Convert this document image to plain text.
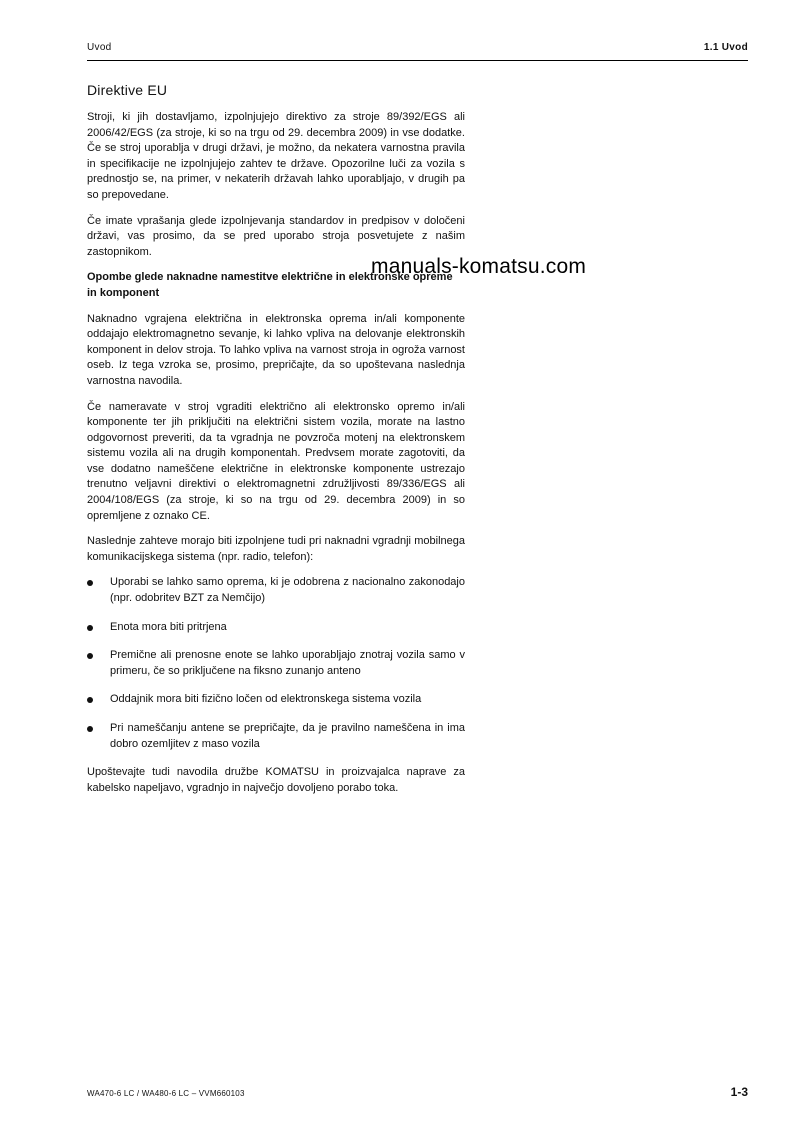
Uvod	1.1 Uvod
Direktive EU

Stroji, ki jih dostavljamo, izpolnjujejo direktivo za stroje 89/392/EGS ali 2006/42/EGS (za stroje, ki so na trgu od 29. decembra 2009) in vse dodatke. Če se stroj uporablja v drugi državi, je možno, da nekatera varnostna pravila in specifikacije ne izpolnjujejo zahtev te države. Opozorilne luči za vozila s prednostjo se, na primer, v nekaterih državah lahko uporabljajo, v drugih pa so prepovedane.

Če imate vprašanja glede izpolnjevanja standardov in predpisov v določeni državi, vas prosimo, da se pred uporabo stroja posvetujete z našim zastopnikom.

Opombe glede naknadne namestitve električne in elektronske opreme in komponent

Naknadno vgrajena električna in elektronska oprema in/ali komponente oddajajo elektromagnetno sevanje, ki lahko vpliva na delovanje elektronskih komponent in delov stroja. To lahko vpliva na varnost stroja in ogroža varnost oseb. Iz tega vzroka se, prosimo, prepričajte, da so upoštevana naslednja varnostna navodila.

Če nameravate v stroj vgraditi električno ali elektronsko opremo in/ali komponente ter jih priključiti na električni sistem vozila, morate na lastno odgovornost preveriti, da ta vgradnja ne povzroča motenj na elektronskem sistemu vozila ali na drugih komponentah. Predvsem morate zagotoviti, da vse dodatno nameščene električne in elektronske komponente ustrezajo trenutno veljavni direktivi o elektromagnetni združljivosti 89/336/EGS ali 2004/108/EGS (za stroje, ki so na trgu od 29. decembra 2009) in so opremljene z oznako CE.

Naslednje zahteve morajo biti izpolnjene tudi pri naknadni vgradnji mobilnega komunikacijskega sistema (npr. radio, telefon):

Uporabi se lahko samo oprema, ki je odobrena z nacionalno zakonodajo (npr. odobritev BZT za Nemčijo)
Enota mora biti pritrjena
Premične ali prenosne enote se lahko uporabljajo znotraj vozila samo v primeru, če so priključene na fiksno zunanjo anteno
Oddajnik mora biti fizično ločen od elektronskega sistema vozila
Pri nameščanju antene se prepričajte, da je pravilno nameščena in ima dobro ozemljitev z maso vozila

Upoštevajte tudi navodila družbe KOMATSU in proizvajalca naprave za kabelsko napeljavo, vgradnjo in največjo dovoljeno porabo toka.

manuals-komatsu.com
WA470-6 LC / WA480-6 LC – VVM660103	1-3
